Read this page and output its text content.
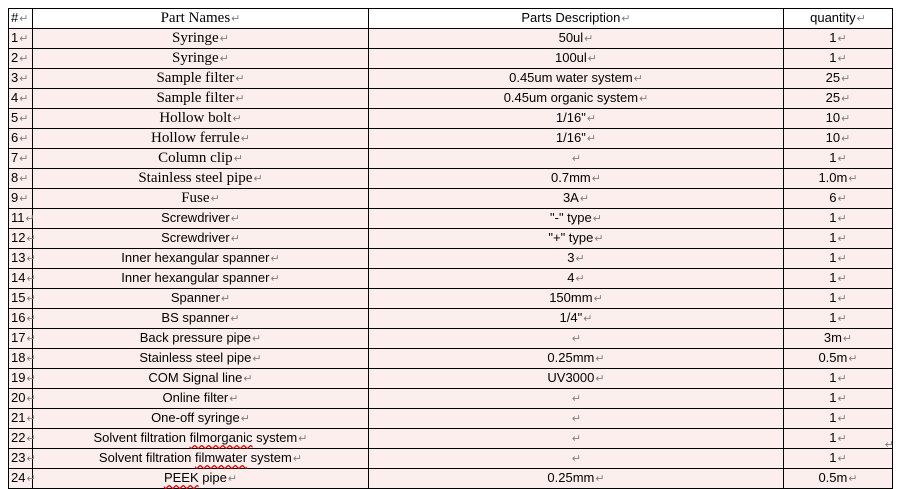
#↵	Part Names↵	Parts Description↵	quantity↵
1↵	Syringe↵	50ul↵	1↵
2↵	Syringe↵	100ul↵	1↵
3↵	Sample filter↵	0.45um water system↵	25↵
4↵	Sample filter↵	0.45um organic system↵	25↵
5↵	Hollow bolt↵	1/16"↵	10↵
6↵	Hollow ferrule↵	1/16"↵	10↵
7↵	Column clip↵	↵	1↵
8↵	Stainless steel pipe↵	0.7mm↵	1.0m↵
9↵	Fuse↵	3A↵	6↵
11↵	Screwdriver↵	"-" type↵	1↵
12↵	Screwdriver↵	"+" type↵	1↵
13↵	Inner hexangular spanner↵	3↵	1↵
14↵	Inner hexangular spanner↵	4↵	1↵
15↵	Spanner↵	150mm↵	1↵
16↵	BS spanner↵	1/4"↵	1↵
17↵	Back pressure pipe↵	↵	3m↵
18↵	Stainless steel pipe↵	0.25mm↵	0.5m↵
19↵	COM Signal line↵	UV3000↵	1↵
20↵	Online filter↵	↵	1↵
21↵	One-off syringe↵	↵	1↵
22↵	Solvent filtration filmorganic system↵	↵	1↵
23↵	Solvent filtration filmwater system↵	↵	1↵
24↵	PEEK pipe↵	0.25mm↵	0.5m↵
↵
